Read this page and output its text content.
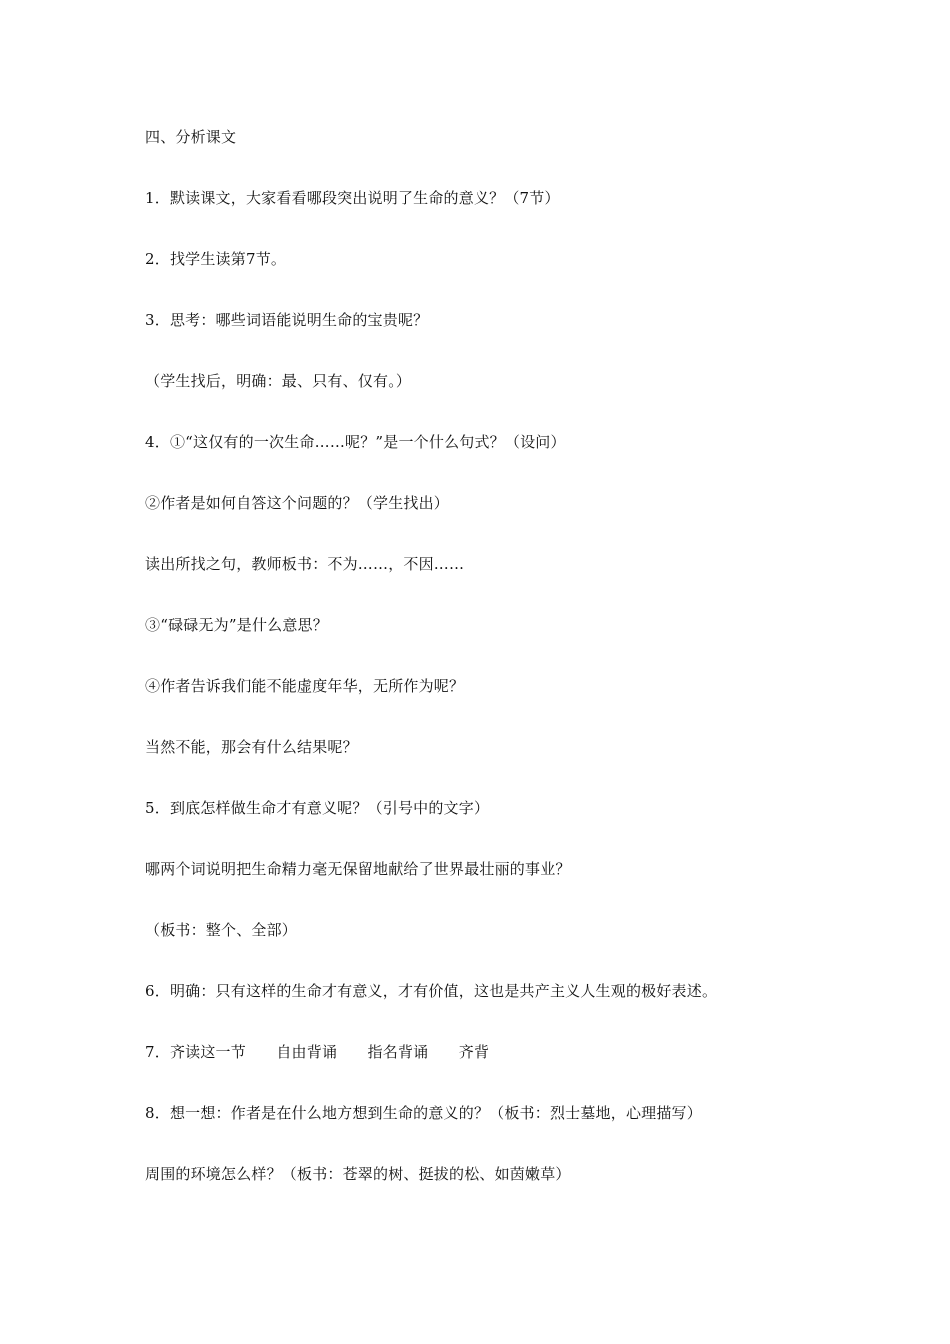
四、分析课文
1．默读课文，大家看看哪段突出说明了生命的意义？（7节）
2．找学生读第7节。
3．思考：哪些词语能说明生命的宝贵呢？
（学生找后，明确：最、只有、仅有。）
4．①“这仅有的一次生命……呢？”是一个什么句式？（设问）
②作者是如何自答这个问题的？（学生找出）
读出所找之句，教师板书：不为……，不因……
③“碌碌无为”是什么意思？
④作者告诉我们能不能虚度年华，无所作为呢？
当然不能，那会有什么结果呢？
5．到底怎样做生命才有意义呢？（引号中的文字）
哪两个词说明把生命精力毫无保留地献给了世界最壮丽的事业？
（板书：整个、全部）
6．明确：只有这样的生命才有意义，才有价值，这也是共产主义人生观的极好表述。
7．齐读这一节　　自由背诵　　指名背诵　　齐背
8．想一想：作者是在什么地方想到生命的意义的？（板书：烈士墓地，心理描写）
周围的环境怎么样？（板书：苍翠的树、挺拔的松、如茵嫩草）
